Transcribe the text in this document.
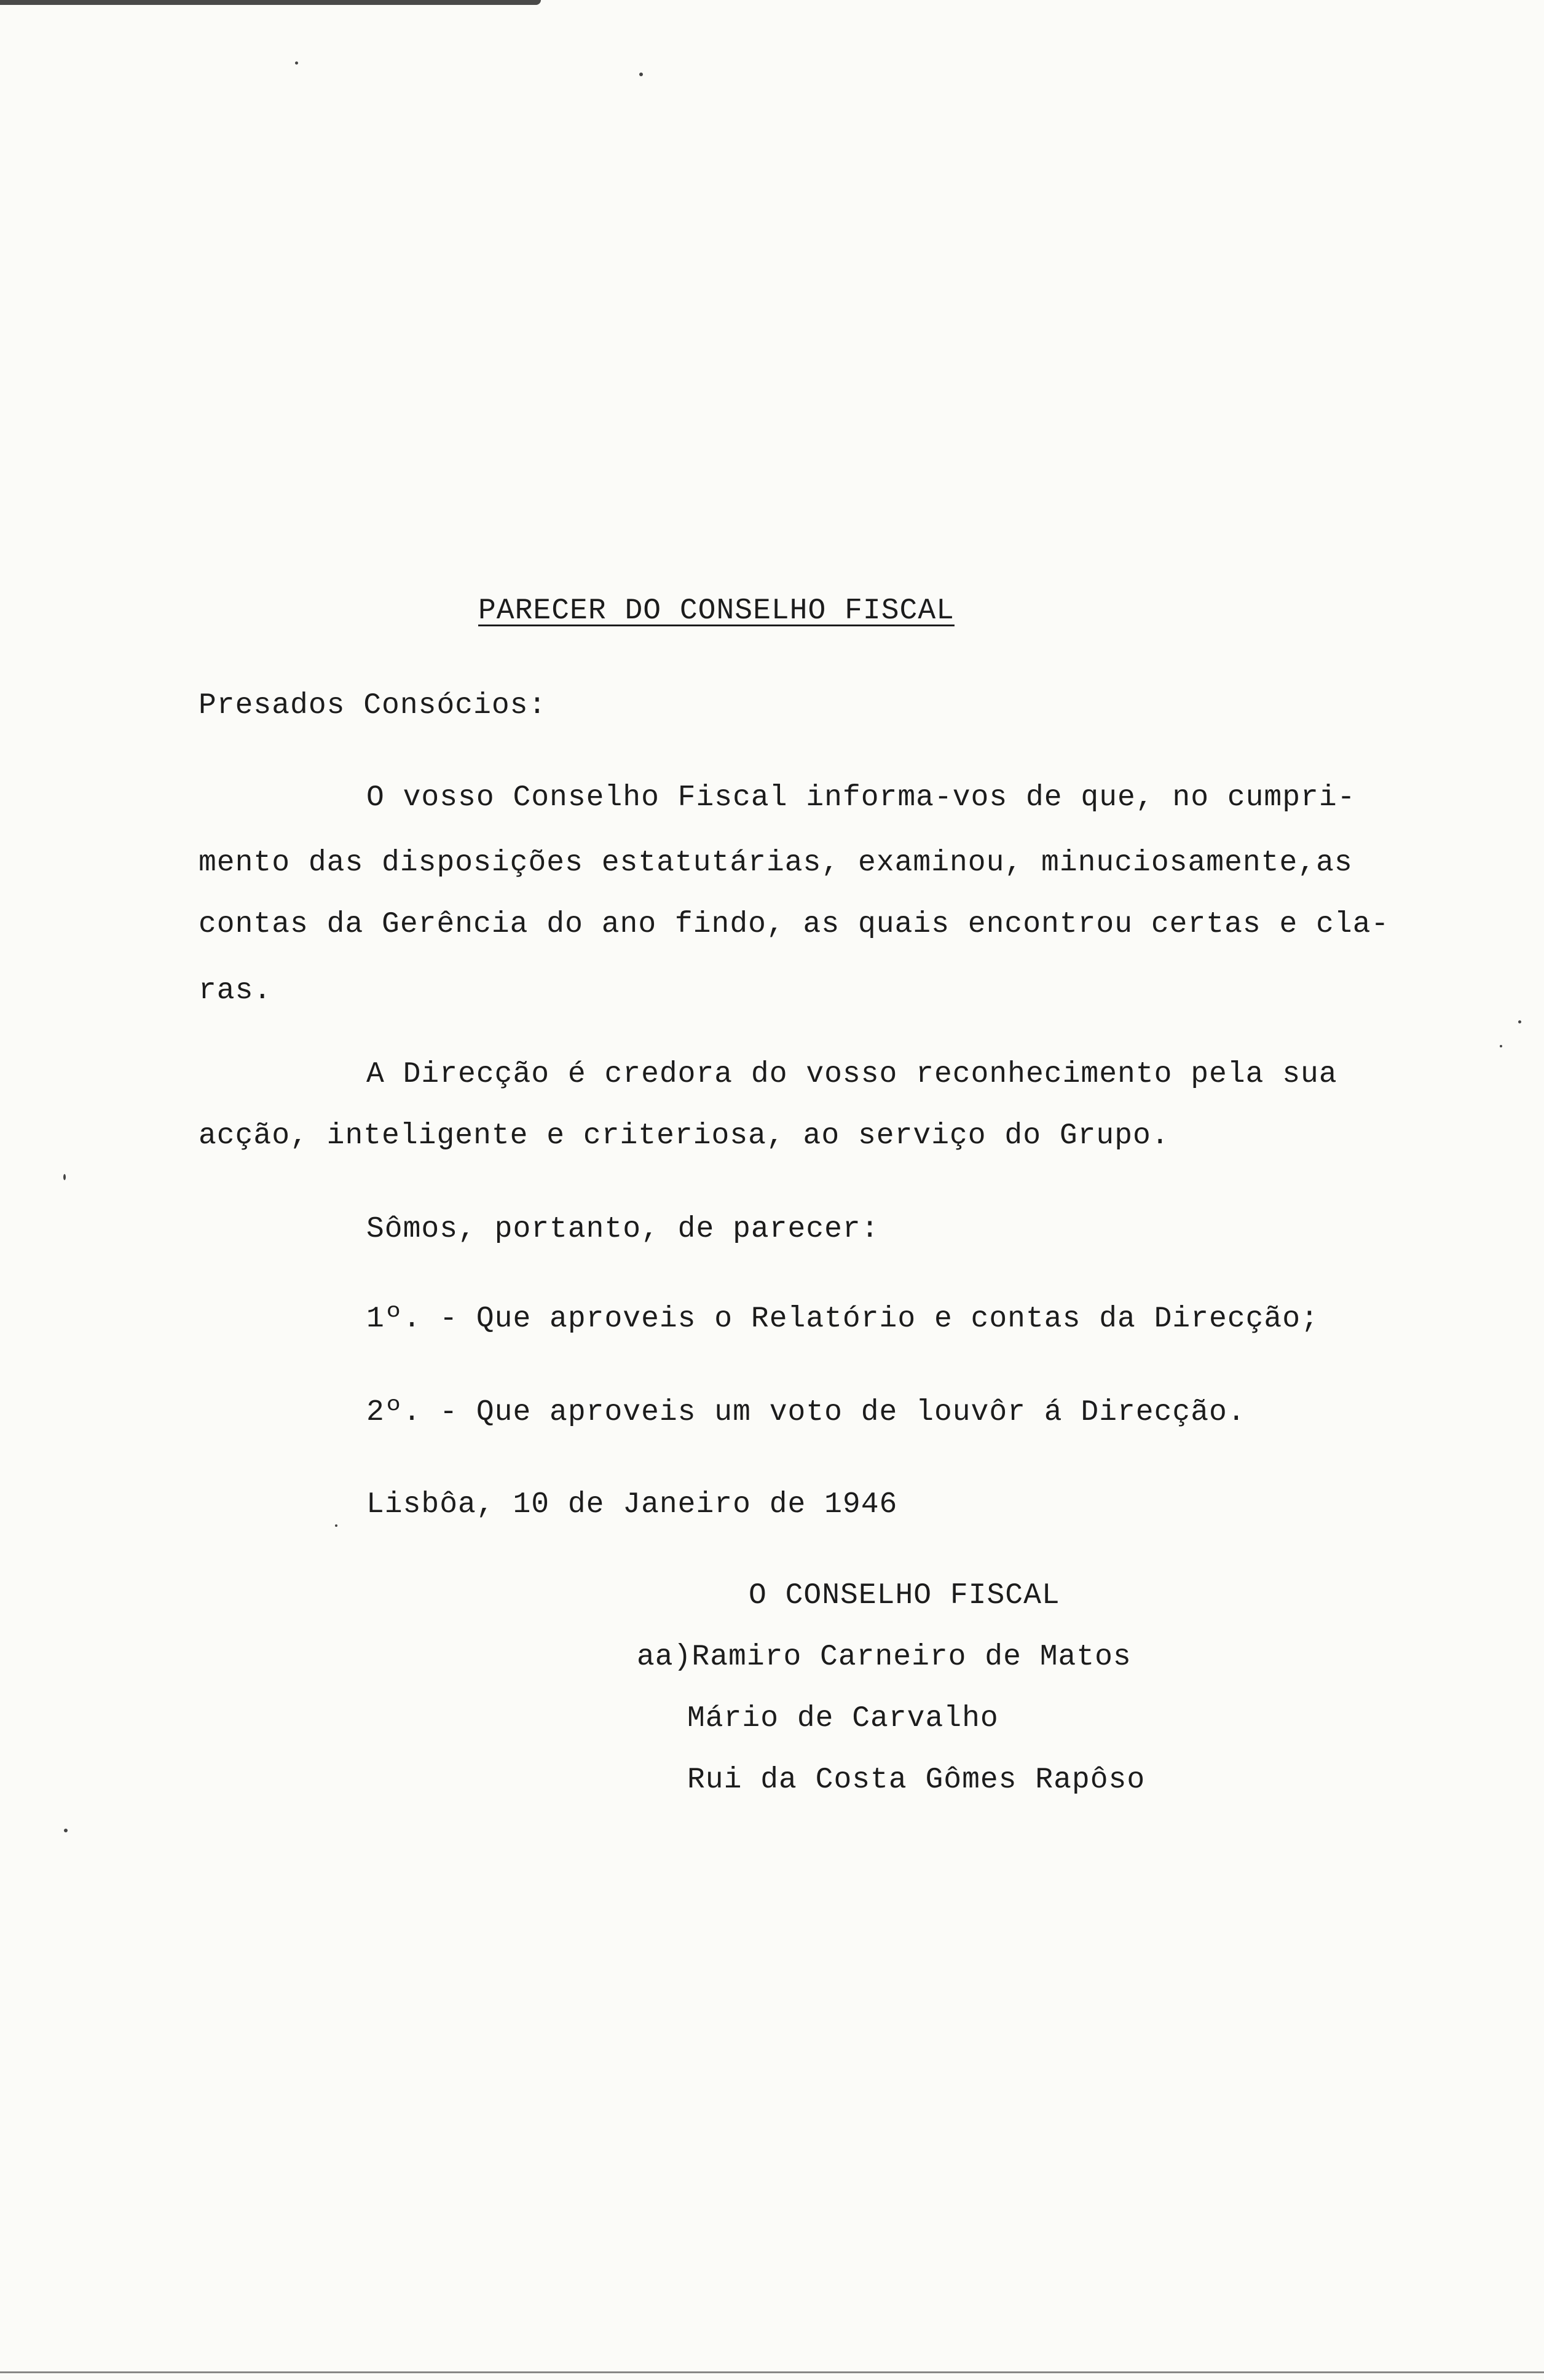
PARECER DO CONSELHO FISCAL
Presados Consócios:
O vosso Conselho Fiscal informa-vos de que, no cumpri-
mento das disposições estatutárias, examinou, minuciosamente,as
contas da Gerência do ano findo, as quais encontrou certas e cla-
ras.
A Direcção é credora do vosso reconhecimento pela sua
acção, inteligente e criteriosa, ao serviço do Grupo.
Sômos, portanto, de parecer:
1º. - Que aproveis o Relatório e contas da Direcção;
2º. - Que aproveis um voto de louvôr á Direcção.
Lisbôa, 10 de Janeiro de 1946
O CONSELHO FISCAL
aa)Ramiro Carneiro de Matos
Mário de Carvalho
Rui da Costa Gômes Rapôso
